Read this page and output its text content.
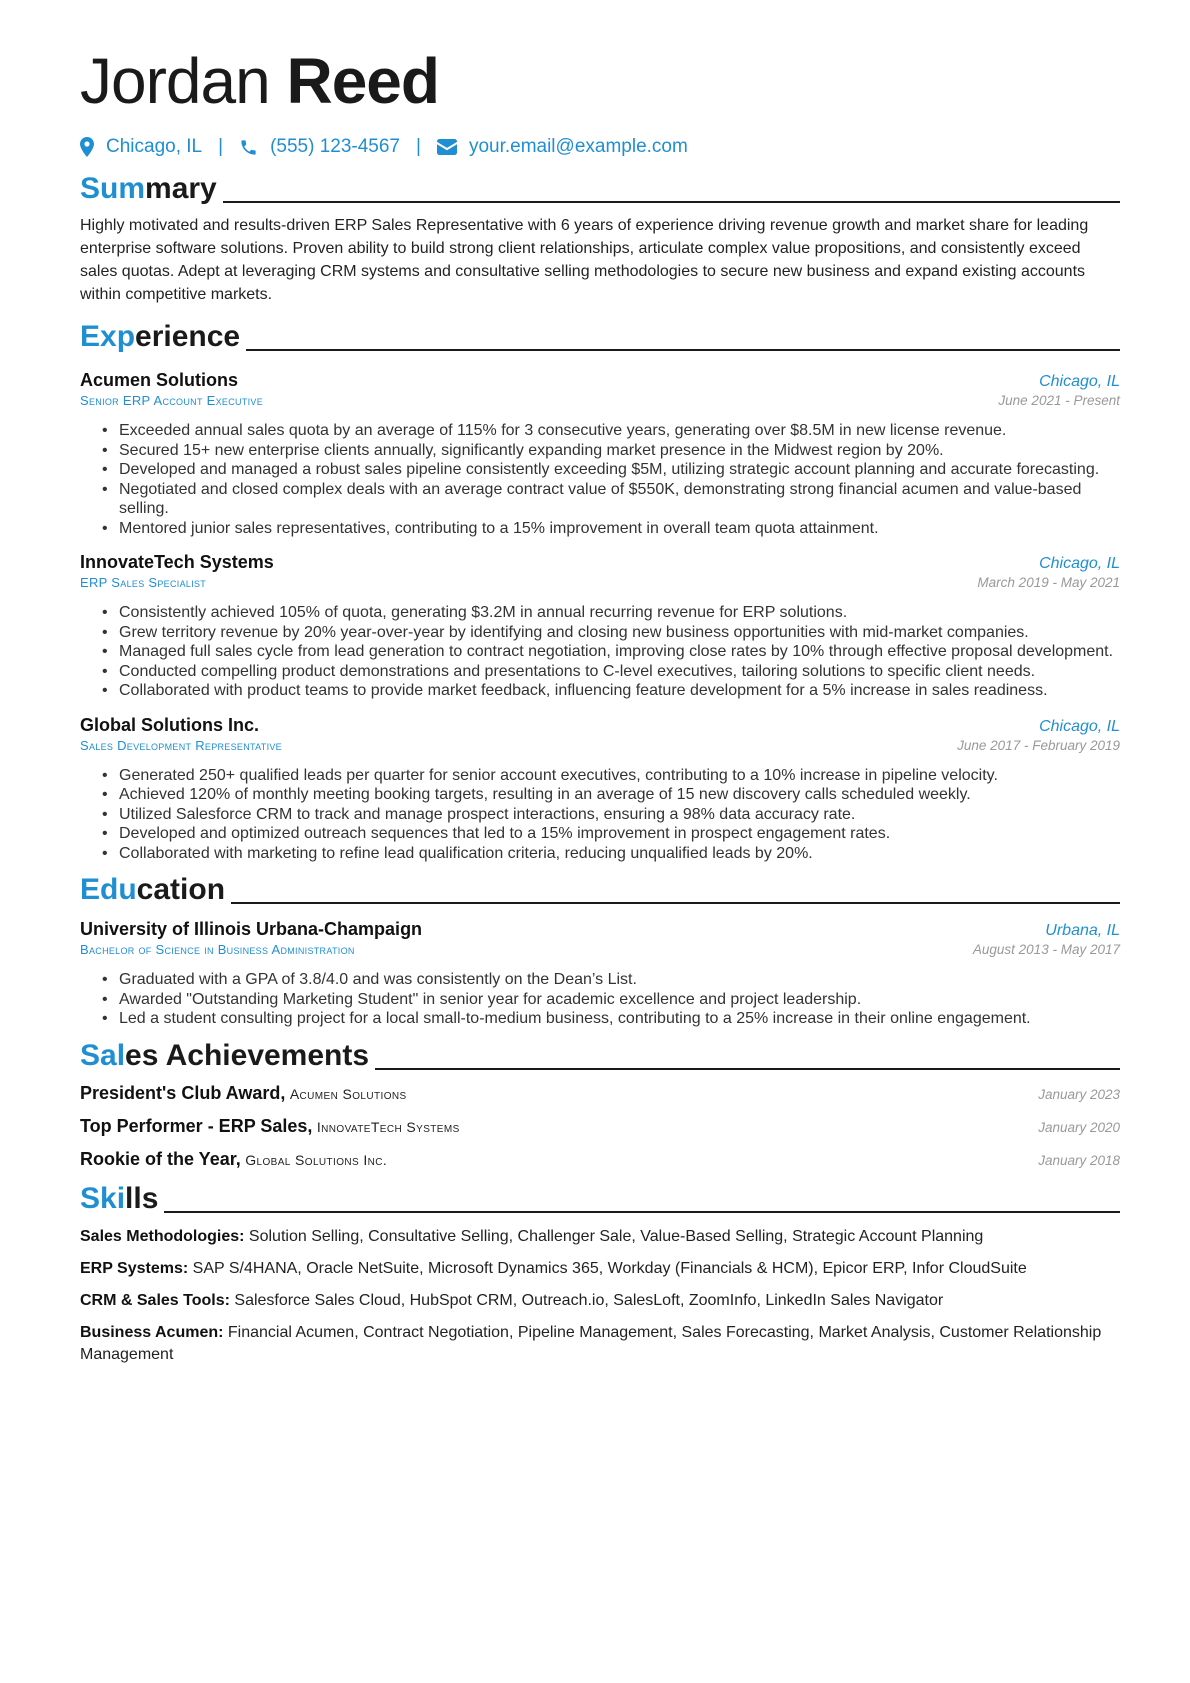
Jordan Reed
Chicago, IL | (555) 123-4567 |	your.email@example.com
Summary

Highly motivated and results-driven ERP Sales Representative with 6 years of experience driving revenue growth and market share for leading enterprise software solutions. Proven ability to build strong client relationships, articulate complex value propositions, and consistently exceed sales quotas. Adept at leveraging CRM systems and consultative selling methodologies to secure new business and expand existing accounts within competitive markets.

Experience
Acumen Solutions	Chicago, IL
Senior ERP Account Executive	June 2021 - Present
• Exceeded annual sales quota by an average of 115% for 3 consecutive years, generating over $8.5M in new license revenue.
• Secured 15+ new enterprise clients annually, significantly expanding market presence in the Midwest region by 20%.
• Developed and managed a robust sales pipeline consistently exceeding $5M, utilizing strategic account planning and accurate forecasting.
• Negotiated and closed complex deals with an average contract value of $550K, demonstrating strong financial acumen and value-based selling.
• Mentored junior sales representatives, contributing to a 15% improvement in overall team quota attainment.
InnovateTech Systems	Chicago, IL
ERP Sales Specialist	March 2019 - May 2021
• Consistently achieved 105% of quota, generating $3.2M in annual recurring revenue for ERP solutions.
• Grew territory revenue by 20% year-over-year by identifying and closing new business opportunities with mid-market companies.
• Managed full sales cycle from lead generation to contract negotiation, improving close rates by 10% through effective proposal development.
• Conducted compelling product demonstrations and presentations to C-level executives, tailoring solutions to specific client needs.
• Collaborated with product teams to provide market feedback, influencing feature development for a 5% increase in sales readiness.
Global Solutions Inc.	Chicago, IL
Sales Development Representative	June 2017 - February 2019
• Generated 250+ qualified leads per quarter for senior account executives, contributing to a 10% increase in pipeline velocity.
• Achieved 120% of monthly meeting booking targets, resulting in an average of 15 new discovery calls scheduled weekly.
• Utilized Salesforce CRM to track and manage prospect interactions, ensuring a 98% data accuracy rate.
• Developed and optimized outreach sequences that led to a 15% improvement in prospect engagement rates.
• Collaborated with marketing to refine lead qualification criteria, reducing unqualified leads by 20%.
Education
University of Illinois Urbana-Champaign	Urbana, IL
Bachelor of Science in Business Administration	August 2013 - May 2017
• Graduated with a GPA of 3.8/4.0 and was consistently on the Dean’s List.
• Awarded "Outstanding Marketing Student" in senior year for academic excellence and project leadership.
• Led a student consulting project for a local small-to-medium business, contributing to a 25% increase in their online engagement.
Sales Achievements
President's Club Award, Acumen Solutions	January 2023
Top Performer - ERP Sales, InnovateTech Systems	January 2020
Rookie of the Year, Global Solutions Inc.	January 2018
Skills

Sales Methodologies: Solution Selling, Consultative Selling, Challenger Sale, Value-Based Selling, Strategic Account Planning

ERP Systems: SAP S/4HANA, Oracle NetSuite, Microsoft Dynamics 365, Workday (Financials & HCM), Epicor ERP, Infor CloudSuite

CRM & Sales Tools: Salesforce Sales Cloud, HubSpot CRM, Outreach.io, SalesLoft, ZoomInfo, LinkedIn Sales Navigator

Business Acumen: Financial Acumen, Contract Negotiation, Pipeline Management, Sales Forecasting, Market Analysis, Customer Relationship Management
